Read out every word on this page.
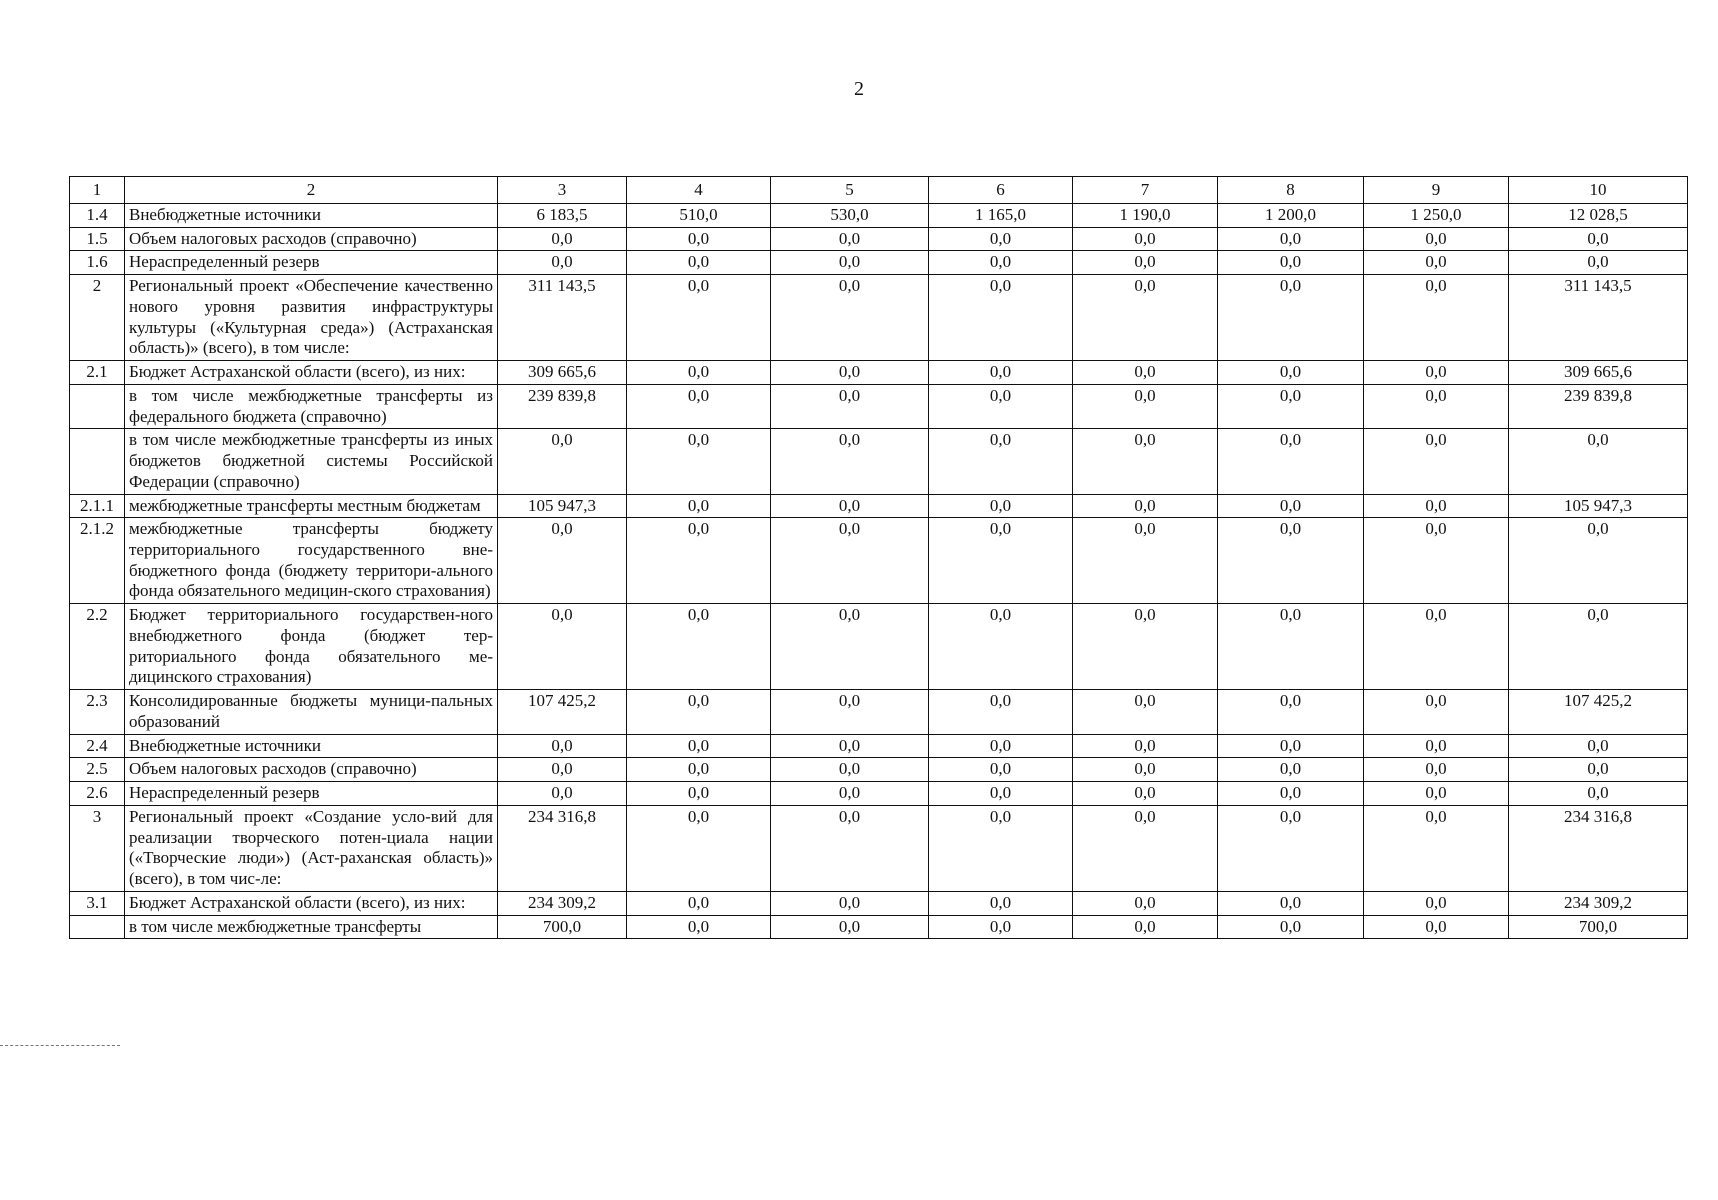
2
1	2	3	4	5	6	7	8	9	10
1.4	Внебюджетные источники	6 183,5	510,0	530,0	1 165,0	1 190,0	1 200,0	1 250,0	12 028,5
1.5	Объем налоговых расходов (справочно)	0,0	0,0	0,0	0,0	0,0	0,0	0,0	0,0
1.6	Нераспределенный резерв	0,0	0,0	0,0	0,0	0,0	0,0	0,0	0,0
2	Региональный проект «Обеспечение качественно нового уровня развития инфраструктуры культуры («Культурная среда») (Астраханская область)» (всего), в том числе:	311 143,5	0,0	0,0	0,0	0,0	0,0	0,0	311 143,5
2.1	Бюджет Астраханской области (всего), из них:	309 665,6	0,0	0,0	0,0	0,0	0,0	0,0	309 665,6
	в том числе межбюджетные трансферты из федерального бюджета (справочно)	239 839,8	0,0	0,0	0,0	0,0	0,0	0,0	239 839,8
	в том числе межбюджетные трансферты из иных бюджетов бюджетной системы Российской Федерации (справочно)	0,0	0,0	0,0	0,0	0,0	0,0	0,0	0,0
2.1.1	межбюджетные трансферты местным бюджетам	105 947,3	0,0	0,0	0,0	0,0	0,0	0,0	105 947,3
2.1.2	межбюджетные трансферты бюджету территориального государственного вне-бюджетного фонда (бюджету территори-ального фонда обязательного медицин-ского страхования)	0,0	0,0	0,0	0,0	0,0	0,0	0,0	0,0
2.2	Бюджет территориального государствен-ного внебюджетного фонда (бюджет тер-риториального фонда обязательного ме-дицинского страхования)	0,0	0,0	0,0	0,0	0,0	0,0	0,0	0,0
2.3	Консолидированные бюджеты муници-пальных образований	107 425,2	0,0	0,0	0,0	0,0	0,0	0,0	107 425,2
2.4	Внебюджетные источники	0,0	0,0	0,0	0,0	0,0	0,0	0,0	0,0
2.5	Объем налоговых расходов (справочно)	0,0	0,0	0,0	0,0	0,0	0,0	0,0	0,0
2.6	Нераспределенный резерв	0,0	0,0	0,0	0,0	0,0	0,0	0,0	0,0
3	Региональный проект «Создание усло-вий для реализации творческого потен-циала нации («Творческие люди») (Аст-раханская область)» (всего), в том чис-ле:	234 316,8	0,0	0,0	0,0	0,0	0,0	0,0	234 316,8
3.1	Бюджет Астраханской области (всего), из них:	234 309,2	0,0	0,0	0,0	0,0	0,0	0,0	234 309,2
	в том числе межбюджетные трансферты	700,0	0,0	0,0	0,0	0,0	0,0	0,0	700,0
